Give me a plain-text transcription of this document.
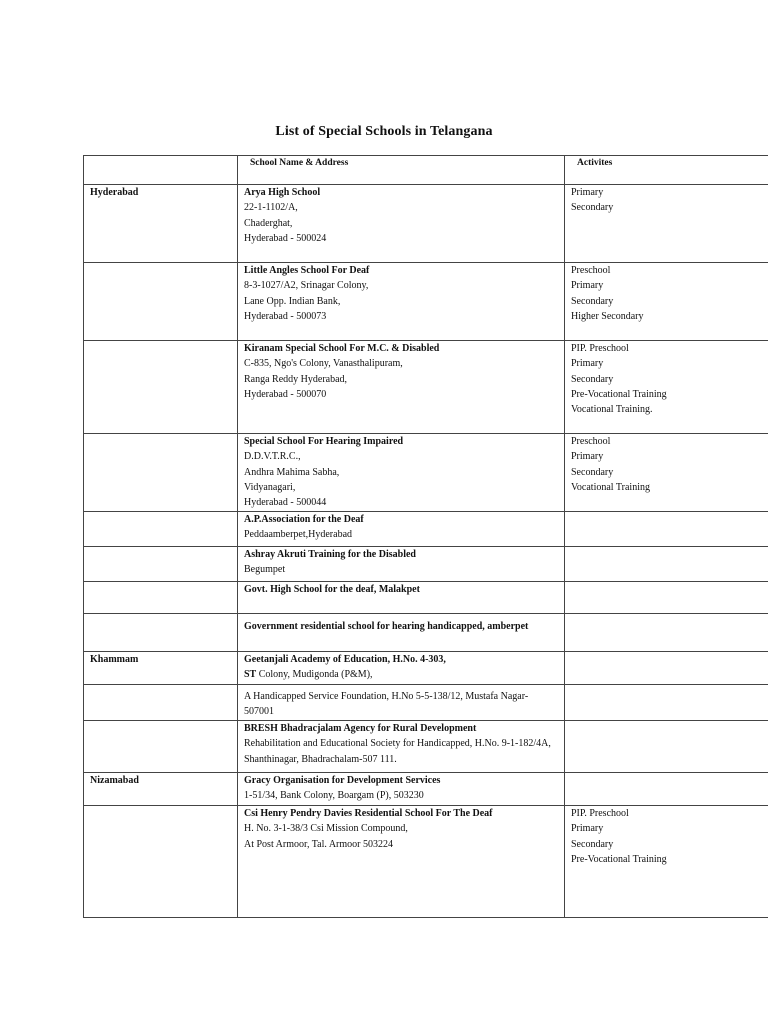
List of Special Schools in Telangana
	School Name & Address	Activites
Hyderabad	Arya High School
22-1-1102/A,
Chaderghat,
Hyderabad - 500024	Primary
Secondary

	Little Angles School For Deaf
8-3-1027/A2, Srinagar Colony,
Lane Opp. Indian Bank,
Hyderabad - 500073	Preschool
Primary
Secondary
Higher Secondary

	Kiranam Special School For M.C. & Disabled
C-835, Ngo's Colony, Vanasthalipuram,
Ranga Reddy Hyderabad,
Hyderabad - 500070	PIP. Preschool
Primary
Secondary
Pre-Vocational Training
Vocational Training.

	Special School For Hearing Impaired
D.D.V.T.R.C.,
Andhra Mahima Sabha,
Vidyanagari,
Hyderabad - 500044	Preschool
Primary
Secondary
Vocational Training

	A.P.Association for the Deaf
Peddaamberpet,Hyderabad	

	Ashray Akruti Training for the Disabled
Begumpet	

	Govt. High School for the deaf, Malakpet	

	Government residential school for hearing handicapped, amberpet	

Khammam	Geetanjali Academy of Education, H.No. 4-303,
ST Colony, Mudigonda (P&M),	

	A Handicapped Service Foundation, H.No 5-5-138/12, Mustafa Nagar-507001	

	BRESH Bhadracjalam Agency for Rural Development
Rehabilitation and Educational Society for Handicapped, H.No. 9-1-182/4A, Shanthinagar, Bhadrachalam-507 111.	

Nizamabad	Gracy Organisation for Development Services
1-51/34, Bank Colony, Boargam (P), 503230	

	Csi Henry Pendry Davies Residential School For The Deaf
H. No. 3-1-38/3 Csi Mission Compound,
At Post Armoor, Tal. Armoor 503224	PIP. Preschool
Primary
Secondary
Pre-Vocational Training
